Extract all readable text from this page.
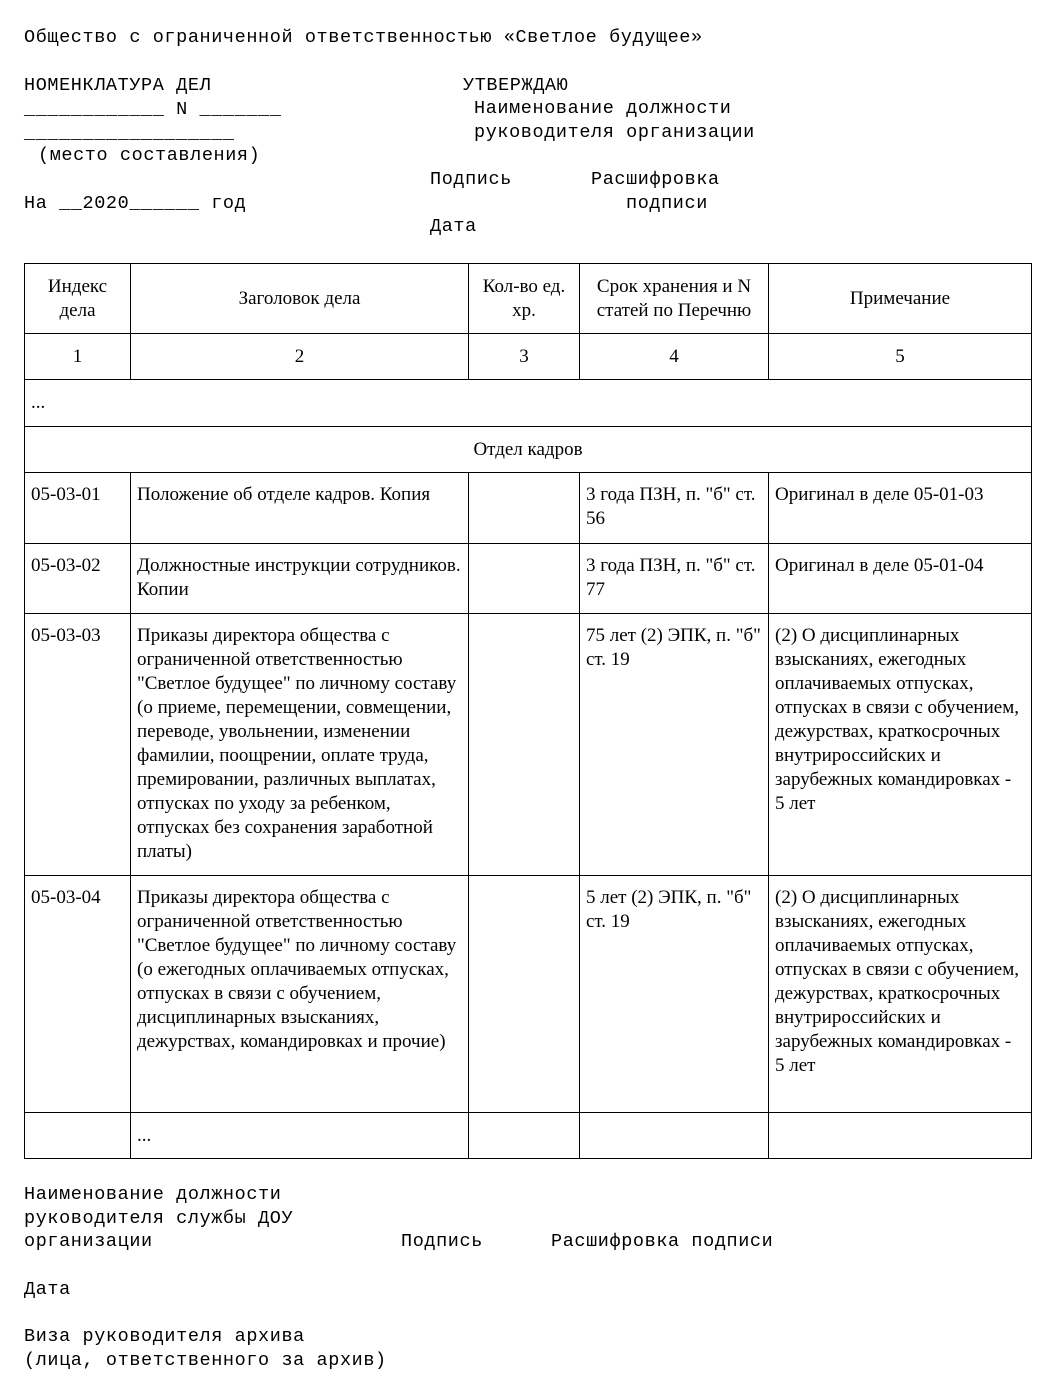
Общество с ограниченной ответственностью «Светлое будущее»
НОМЕНКЛАТУРА ДЕЛ
____________ N _______
__________________
(место составления)
На __2020______ год
УТВЕРЖДАЮ
Наименование должности
руководителя организации
Подпись	Расшифровка
подписи
Дата
Индекс дела	Заголовок дела	Кол-во ед. хр.	Срок хранения и N статей по Перечню	Примечание
1	2	3	4	5
...				
Отдел кадров				
05-03-01	Положение об отделе кадров. Копия		3 года ПЗН, п. "б" ст. 56	Оригинал в деле 05-01-03
05-03-02	Должностные инструкции сотрудников. Копии		3 года ПЗН, п. "б" ст. 77	Оригинал в деле 05-01-04
05-03-03	Приказы директора общества с ограниченной ответственностью "Светлое будущее" по личному составу (о приеме, перемещении, совмещении, переводе, увольнении, изменении фамилии, поощрении, оплате труда, премировании, различных выплатах, отпусках по уходу за ребенком, отпусках без сохранения заработной платы)		75 лет (2) ЭПК, п. "б" ст. 19	(2) О дисциплинарных взысканиях, ежегодных оплачиваемых отпусках, отпусках в связи с обучением, дежурствах, краткосрочных внутрироссийских и зарубежных командировках - 5 лет
05-03-04	Приказы директора общества с ограниченной ответственностью "Светлое будущее" по личному составу (о ежегодных оплачиваемых отпусках, отпусках в связи с обучением, дисциплинарных взысканиях, дежурствах, командировках и прочие)		5 лет (2) ЭПК, п. "б" ст. 19	(2) О дисциплинарных взысканиях, ежегодных оплачиваемых отпусках, отпусках в связи с обучением, дежурствах, краткосрочных внутрироссийских и зарубежных командировках - 5 лет
	...			
Наименование должности
руководителя службы ДОУ
организации	Подпись	Расшифровка подписи
Дата
Виза руководителя архива
(лица, ответственного за архив)
